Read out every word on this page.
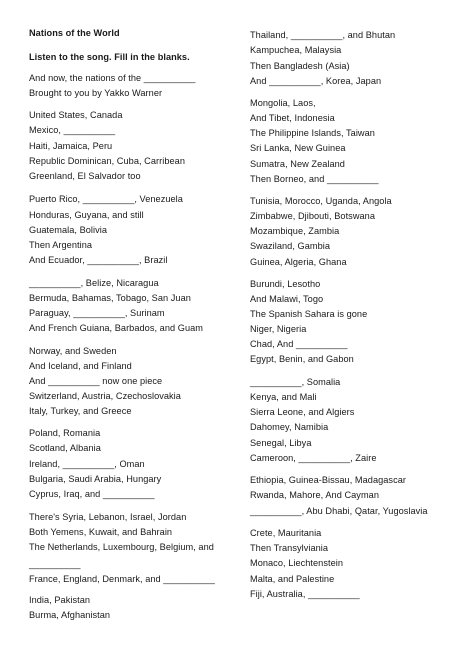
Nations of the World
Listen to the song. Fill in the blanks.
And now, the nations of the __________
Brought to you by Yakko Warner
United States, Canada
Mexico, __________
Haiti, Jamaica, Peru
Republic Dominican, Cuba, Carribean
Greenland, El Salvador too
Puerto Rico, __________, Venezuela
Honduras, Guyana, and still
Guatemala, Bolivia
Then Argentina
And Ecuador, __________, Brazil
__________, Belize, Nicaragua
Bermuda, Bahamas, Tobago, San Juan
Paraguay, __________, Surinam
And French Guiana, Barbados, and Guam
Norway, and Sweden
And Iceland, and Finland
And __________ now one piece
Switzerland, Austria, Czechoslovakia
Italy, Turkey, and Greece
Poland, Romania
Scotland, Albania
Ireland, __________, Oman
Bulgaria, Saudi Arabia, Hungary
Cyprus, Iraq, and __________
There's Syria, Lebanon, Israel, Jordan
Both Yemens, Kuwait, and Bahrain
The Netherlands, Luxembourg, Belgium, and
__________
France, England, Denmark, and __________
India, Pakistan
Burma, Afghanistan
Thailand, __________, and Bhutan
Kampuchea, Malaysia
Then Bangladesh (Asia)
And __________, Korea, Japan
Mongolia, Laos,
And Tibet, Indonesia
The Philippine Islands, Taiwan
Sri Lanka, New Guinea
Sumatra, New Zealand
Then Borneo, and __________
Tunisia, Morocco, Uganda, Angola
Zimbabwe, Djibouti, Botswana
Mozambique, Zambia
Swaziland, Gambia
Guinea, Algeria, Ghana
Burundi, Lesotho
And Malawi, Togo
The Spanish Sahara is gone
Niger, Nigeria
Chad, And __________
Egypt, Benin, and Gabon
__________, Somalia
Kenya, and Mali
Sierra Leone, and Algiers
Dahomey, Namibia
Senegal, Libya
Cameroon, __________, Zaire
Ethiopia, Guinea-Bissau, Madagascar
Rwanda, Mahore, And Cayman
__________, Abu Dhabi, Qatar, Yugoslavia
Crete, Mauritania
Then Transylviania
Monaco, Liechtenstein
Malta, and Palestine
Fiji, Australia, __________
